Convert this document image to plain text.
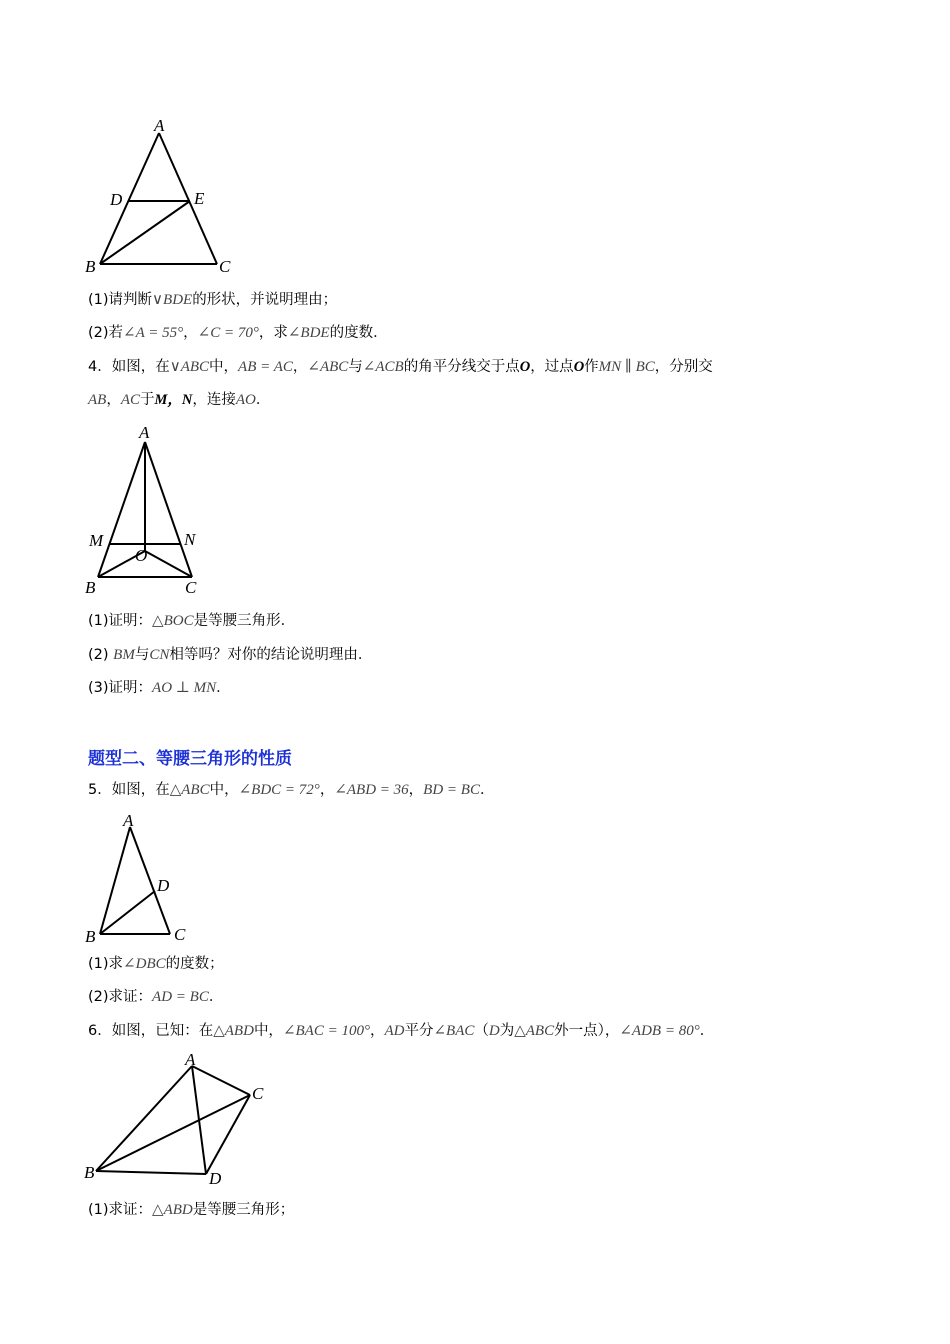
A
D	E
B	C
(1)请判断∨BDE的形状，并说明理由；
(2)若∠A = 55°，∠C = 70°，求∠BDE的度数．
4．如图，在∨ABC中，AB = AC，∠ABC与∠ACB的角平分线交于点O，过点O作MN ∥ BC，分别交
AB，AC于M，N，连接AO．
A
M	N
O
B	C
(1)证明：△BOC是等腰三角形．
(2) BM与CN相等吗？对你的结论说明理由．
(3)证明：AO ⊥ MN．
题型二、等腰三角形的性质
5．如图，在△ABC中，∠BDC = 72°，∠ABD = 36，BD = BC．
A
D
B	C
(1)求∠DBC的度数；
(2)求证：AD = BC．
6．如图，已知：在△ABD中，∠BAC = 100°，AD平分∠BAC（D为△ABC外一点），∠ADB = 80°．
A
C
B	D
(1)求证：△ABD是等腰三角形；
